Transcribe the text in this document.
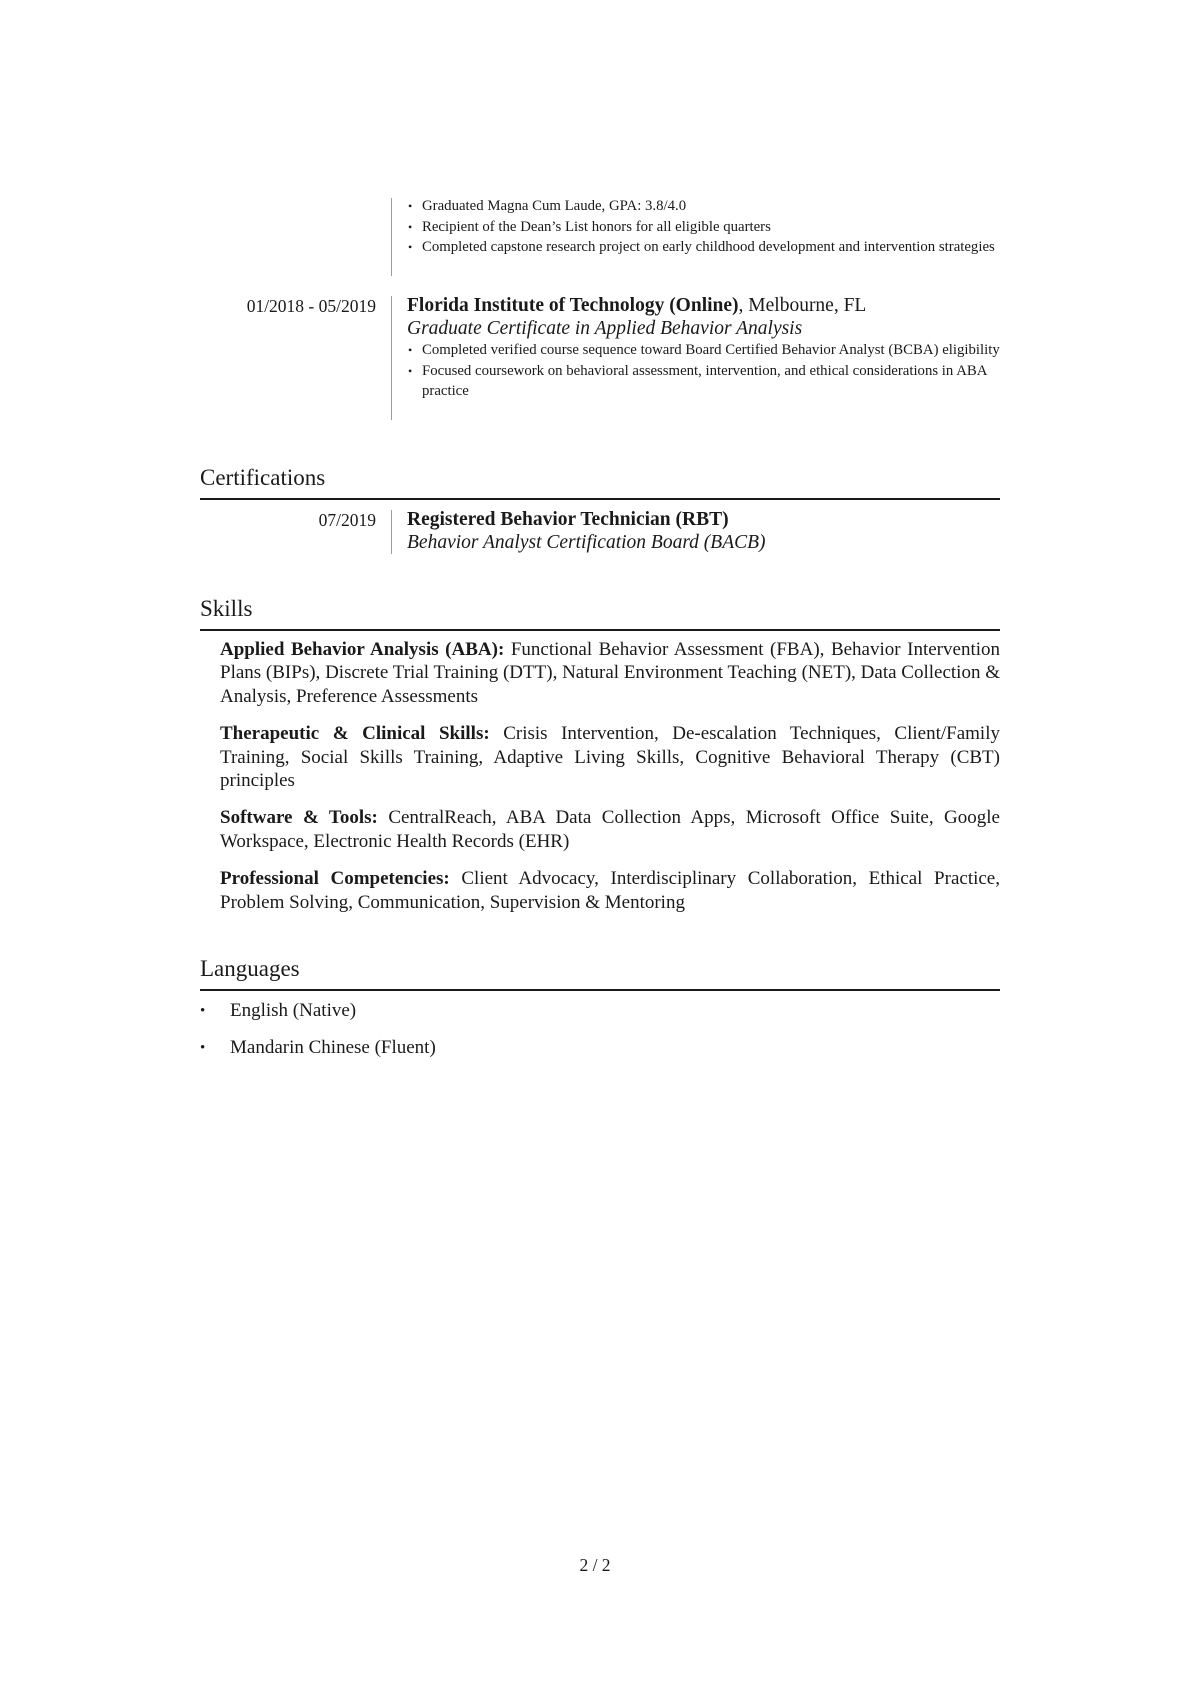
• Graduated Magna Cum Laude, GPA: 3.8/4.0
• Recipient of the Dean’s List honors for all eligible quarters
• Completed capstone research project on early childhood development and intervention strategies
01/2018 - 05/2019 Florida Institute of Technology (Online), Melbourne, FL
Graduate Certificate in Applied Behavior Analysis
• Completed verified course sequence toward Board Certified Behavior Analyst (BCBA) eligibility
• Focused coursework on behavioral assessment, intervention, and ethical considerations in ABA practice
Certifications
07/2019 Registered Behavior Technician (RBT)
Behavior Analyst Certification Board (BACB)
Skills

Applied Behavior Analysis (ABA): Functional Behavior Assessment (FBA), Behavior Intervention Plans (BIPs), Discrete Trial Training (DTT), Natural Environment Teaching (NET), Data Collection & Analysis, Preference Assessments

Therapeutic & Clinical Skills: Crisis Intervention, De-escalation Techniques, Client/Family Training, Social Skills Training, Adaptive Living Skills, Cognitive Behavioral Therapy (CBT) principles

Software & Tools: CentralReach, ABA Data Collection Apps, Microsoft Office Suite, Google Workspace, Electronic Health Records (EHR)

Professional Competencies: Client Advocacy, Interdisciplinary Collaboration, Ethical Practice, Problem Solving, Communication, Supervision & Mentoring

Languages
• English (Native)
• Mandarin Chinese (Fluent)
2 / 2
